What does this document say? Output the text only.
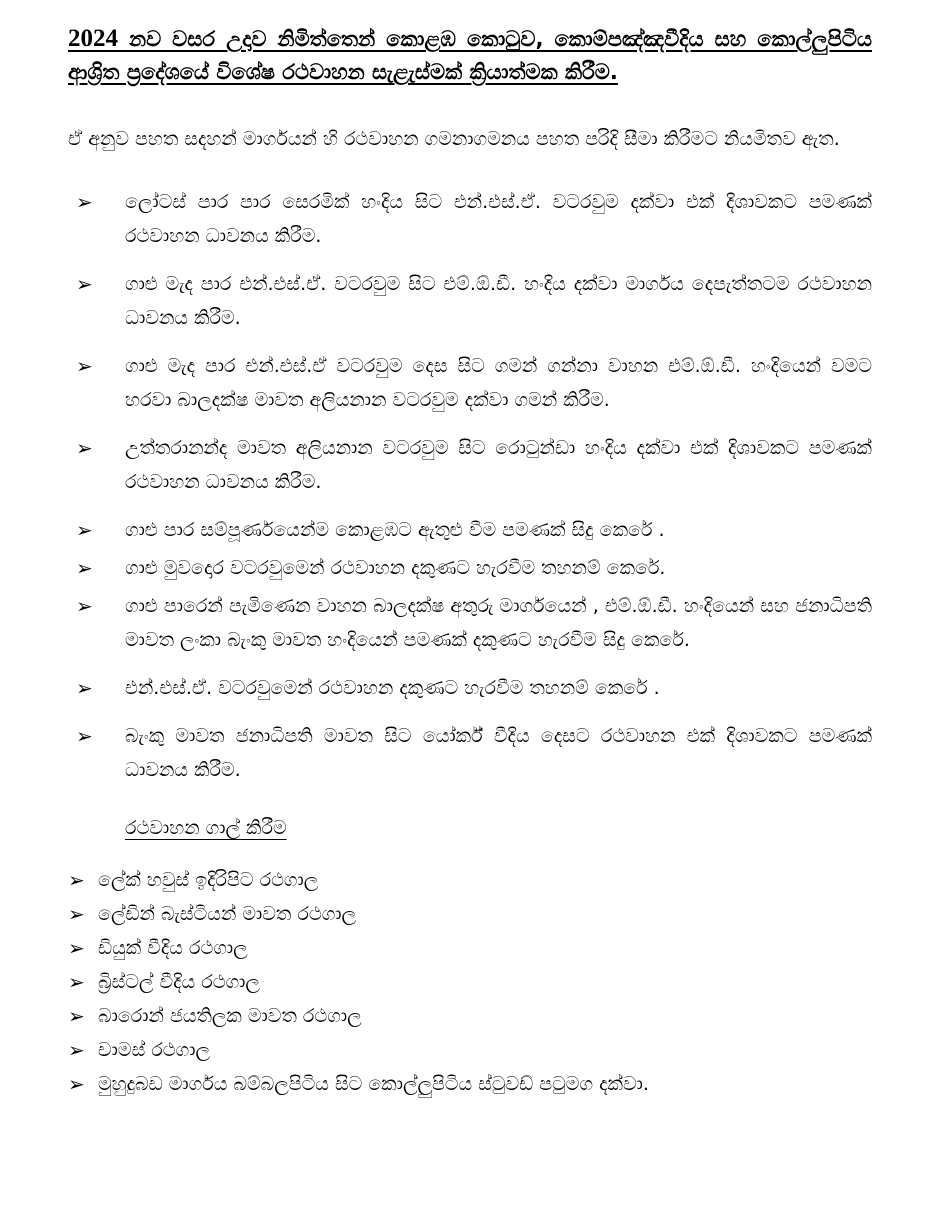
2024 නව වසර උදාව නිමිත්තෙන් කොළඹ කොටුව, කොම්පඤ්ඤවීදිය සහ කොල්ලුපිටිය ආශ්‍රිත ප්‍රදේශයේ විශේෂ රථවාහන සැළැස්මක් ක්‍රියාත්මක කිරීම.

ඒ අනුව පහත සදහන් මාර්ගයන් හි රථවාහන ගමනාගමනය පහත පරිදි සීමා කිරීමට නියමිතව ඇත.

➢ ලෝටස් පාර පාර සෙරමික් හංදිය සිට එන්.එස්.ඒ. වටරවුම දක්වා එක් දිශාවකට පමණක් රථවාහන ධාවනය කිරීම.
➢ ගාළු මැද පාර එන්.එස්.ඒ. වටරවුම සිට එම්.ඕ.ඩී. හංදිය දක්වා මාර්ගය දෙපැත්තටම රථවාහන ධාවනය කිරීම.
➢ ගාළු මැද පාර එන්.එස්.ඒ වටරවුම දෙස සිට ගමන් ගන්නා වාහන එම්.ඕ.ඩී. හංදියෙන් වමට හරවා බාලදක්ෂ මාවත අලියනාන වටරවුම දක්වා ගමන් කිරීම.
➢ උත්තරානන්ද මාවත අලියනාන වටරවුම සිට රොටුන්ඩා හංදිය දක්වා එක් දිශාවකට පමණක් රථවාහන ධාවනය කිරීම.
➢ ගාළු පාර සම්පූර්ණයෙන්ම කොළඹට ඇතුළු වීම පමණක් සිදු කෙරේ .
➢ ගාළු මුවදොර වටරවුමෙන් රථවාහන දකුණට හැරවීම තහනම් කෙරේ.
➢ ගාළු පාරෙන් පැමිණෙන වාහන බාලදක්ෂ අතුරු මාර්ගයෙන් , එම්.ඕ.ඩී. හංදියෙන් සහ ජනාධිපති මාවත ලංකා බැංකු මාවත හංදියෙන් පමණක් දකුණට හැරවීම සිදු කෙරේ.
➢ එන්.එස්.ඒ. වටරවුමෙන් රථවාහන දකුණට හැරවීම තහනම් කෙරේ .
➢ බැංකු මාවත ජනාධිපති මාවත සිට යෝර්ක් වීදිය දෙසට රථවාහන එක් දිශාවකට පමණක් ධාවනය කිරීම.
රථවාහන ගාල් කිරීම
➢ ලේක් හවුස් ඉදිරිපිට රථගාල
➢ ලේඩින් බැස්ටියන් මාවත රථගාල
➢ ඩියුක් වීදිය රථගාල
➢ බ්‍රිස්ටල් වීදිය රථගාල
➢ බාරොන් ජයතිලක මාවත රථගාල
➢ චාමස් රථගාල
➢ මුහුදුබඩ මාර්ගය බම්බලපිටිය සිට කොල්ලුපිටිය ස්ටුවඩ් පටුමග දක්වා.
